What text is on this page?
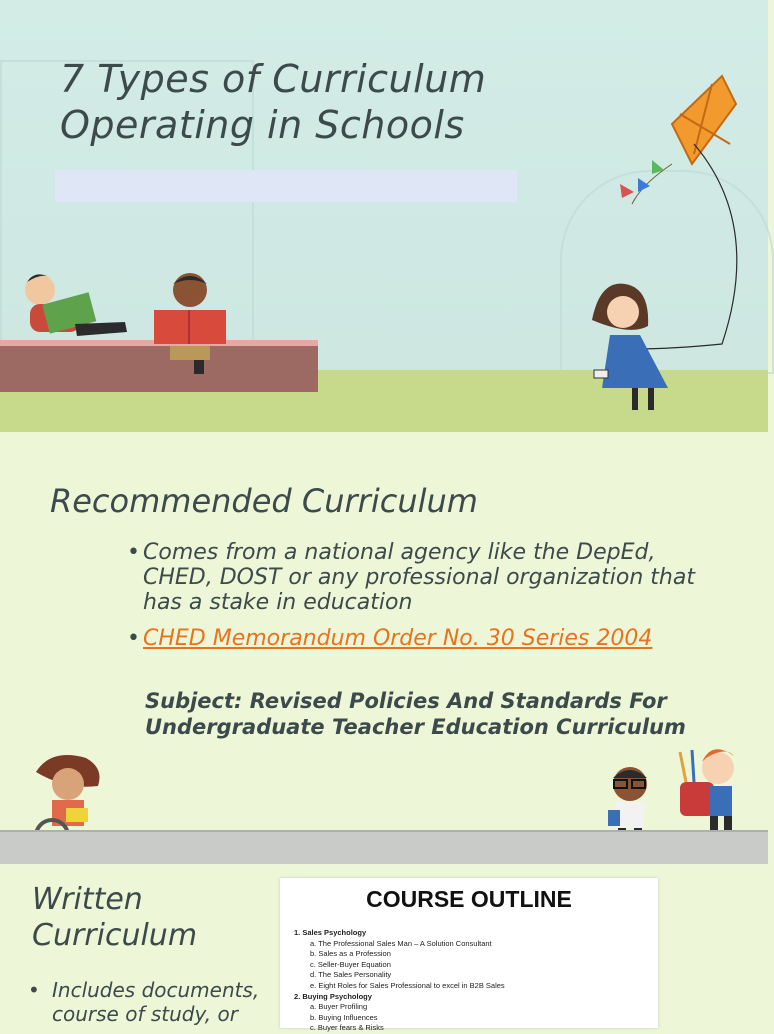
7 Types of Curriculum
Operating in Schools
Recommended Curriculum
• Comes from a national agency like the DepEd, CHED, DOST or any professional organization that has a stake in education
• CHED Memorandum Order No. 30 Series 2004
Subject: Revised Policies And Standards For Undergraduate Teacher Education Curriculum
Written Curriculum
• Includes documents, course of study, or
COURSE OUTLINE
1. Sales Psychology
a. The Professional Sales Man – A Solution Consultant
b. Sales as a Profession
c. Seller-Buyer Equation
d. The Sales Personality
e. Eight Roles for Sales Professional to excel in B2B Sales
2. Buying Psychology
a. Buyer Profiling
b. Buying Influences
c. Buyer fears & Risks
